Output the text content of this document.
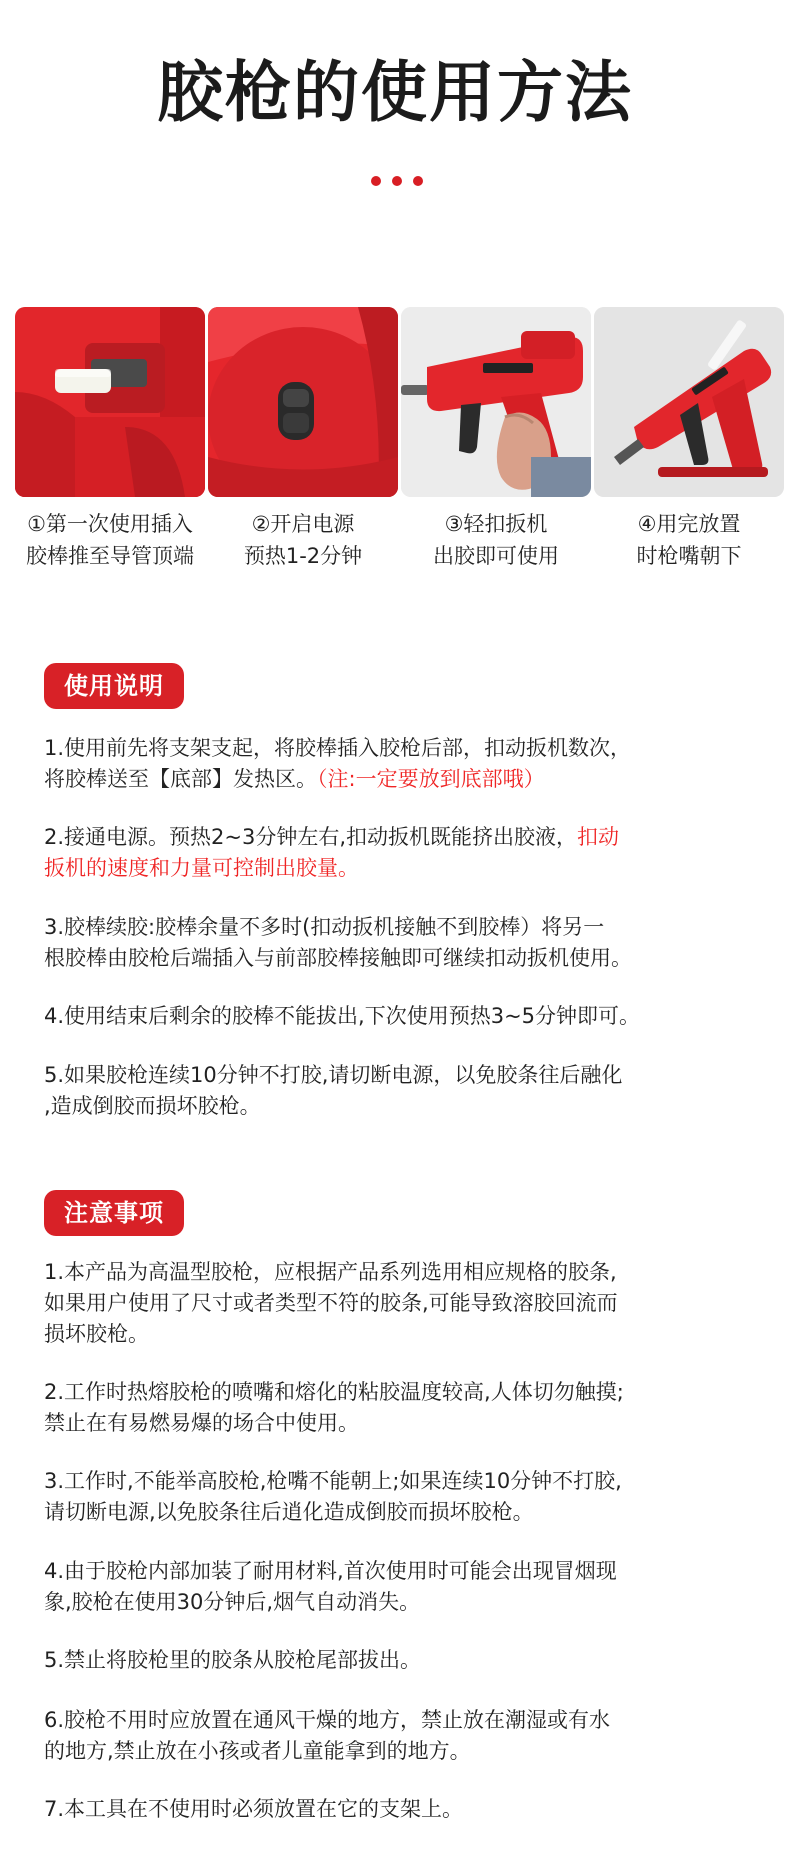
胶枪的使用方法
①第一次使用插入
胶棒推至导管顶端
②开启电源
预热1-2分钟
③轻扣扳机
出胶即可使用
④用完放置
时枪嘴朝下
使用说明
1.使用前先将支架支起，将胶棒插入胶枪后部，扣动扳机数次，
将胶棒送至【底部】发热区。（注:一定要放到底部哦）
2.接通电源。预热2~3分钟左右,扣动扳机既能挤出胶液，扣动
扳机的速度和力量可控制出胶量。
3.胶棒续胶:胶棒余量不多时(扣动扳机接触不到胶棒）将另一
根胶棒由胶枪后端插入与前部胶棒接触即可继续扣动扳机使用。
4.使用结束后剩余的胶棒不能拔出,下次使用预热3~5分钟即可。
5.如果胶枪连续10分钟不打胶,请切断电源，以免胶条往后融化
,造成倒胶而损坏胶枪。
注意事项
1.本产品为高温型胶枪，应根据产品系列选用相应规格的胶条,
如果用户使用了尺寸或者类型不符的胶条,可能导致溶胶回流而
损坏胶枪。
2.工作时热熔胶枪的喷嘴和熔化的粘胶温度较高,人体切勿触摸;
禁止在有易燃易爆的场合中使用。
3.工作时,不能举高胶枪,枪嘴不能朝上;如果连续10分钟不打胶,
请切断电源,以免胶条往后逍化造成倒胶而损坏胶枪。
4.由于胶枪内部加装了耐用材料,首次使用时可能会出现冒烟现
象,胶枪在使用30分钟后,烟气自动消失。
5.禁止将胶枪里的胶条从胶枪尾部拔出。
6.胶枪不用时应放置在通风干燥的地方，禁止放在潮湿或有水
的地方,禁止放在小孩或者儿童能拿到的地方。
7.本工具在不使用时必须放置在它的支架上。
